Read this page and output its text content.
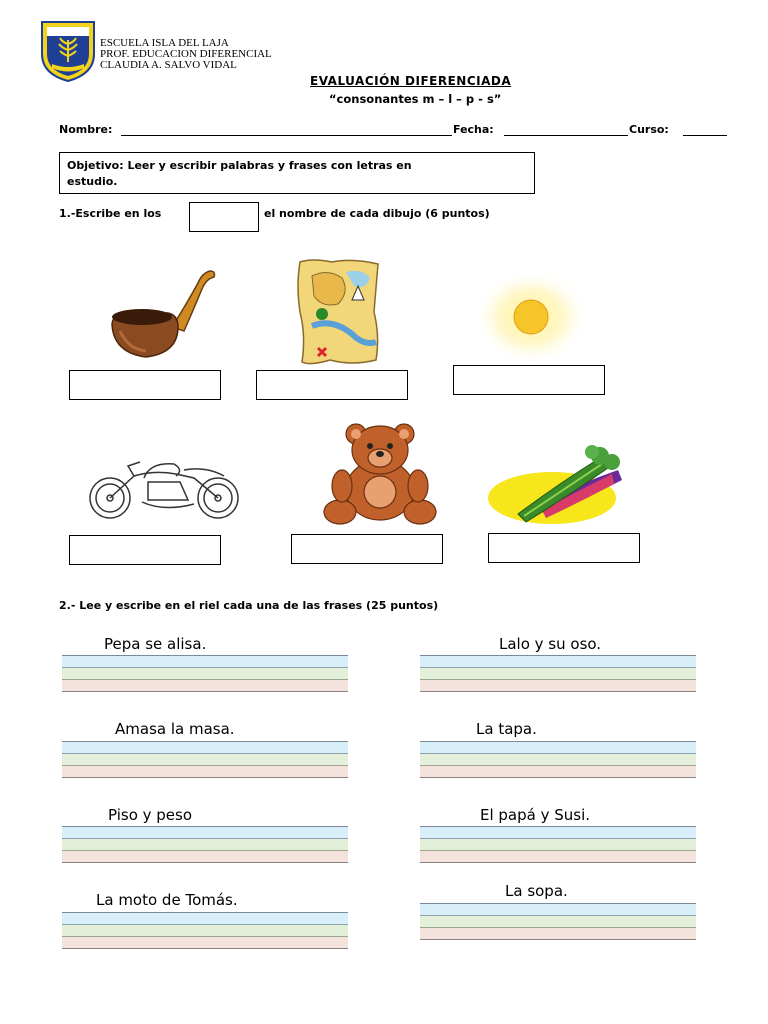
ESCUELA ISLA DEL LAJA
PROF. EDUCACION DIFERENCIAL
CLAUDIA A. SALVO VIDAL
EVALUACIÓN DIFERENCIADA
“consonantes m – l – p - s”
Nombre:	Fecha:	Curso:
Objetivo: Leer y escribir palabras y frases con letras en
estudio.
1.-Escribe en los	el nombre de cada dibujo (6 puntos)
2.- Lee y escribe en el riel cada una de las frases (25 puntos)
Pepa se alisa.	Lalo y su oso.
Amasa la masa.	La tapa.
Piso y peso	El papá y Susi.
La moto de Tomás.	La sopa.
